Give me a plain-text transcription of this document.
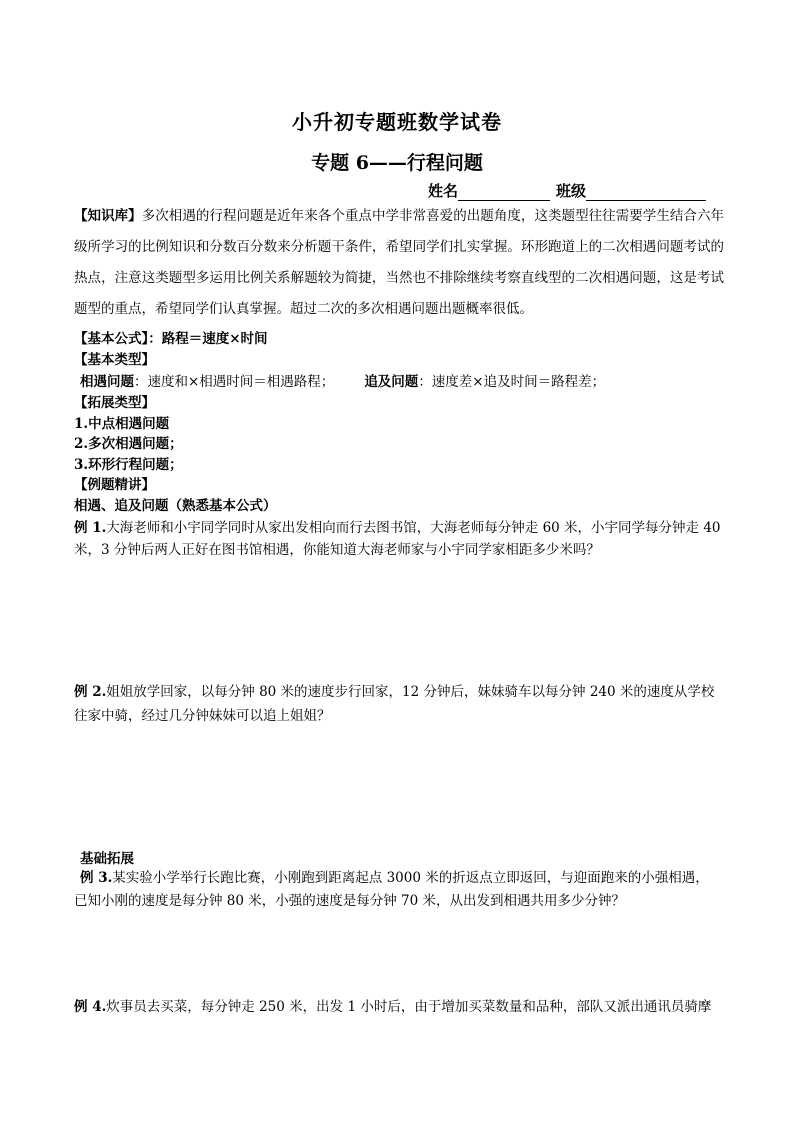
小升初专题班数学试卷
专题 6——行程问题
姓名	班级
【知识库】多次相遇的行程问题是近年来各个重点中学非常喜爱的出题角度，这类题型往往需要学生结合六年级所学习的比例知识和分数百分数来分析题干条件，希望同学们扎实掌握。环形跑道上的二次相遇问题考试的热点，注意这类题型多运用比例关系解题较为简捷，当然也不排除继续考察直线型的二次相遇问题，这是考试题型的重点，希望同学们认真掌握。超过二次的多次相遇问题出题概率很低。
【基本公式】：路程＝速度×时间
【基本类型】
相遇问题：速度和×相遇时间＝相遇路程； 追及问题：速度差×追及时间＝路程差；
【拓展类型】
1.中点相遇问题
2.多次相遇问题；
3.环形行程问题；
【例题精讲】
相遇、追及问题（熟悉基本公式）
例 1.大海老师和小宇同学同时从家出发相向而行去图书馆，大海老师每分钟走 60 米，小宇同学每分钟走 40
米，3 分钟后两人正好在图书馆相遇，你能知道大海老师家与小宇同学家相距多少米吗？
例 2.姐姐放学回家，以每分钟 80 米的速度步行回家，12 分钟后，妹妹骑车以每分钟 240 米的速度从学校
往家中骑，经过几分钟妹妹可以追上姐姐？
基础拓展
例 3.某实验小学举行长跑比赛，小刚跑到距离起点 3000 米的折返点立即返回，与迎面跑来的小强相遇，
已知小刚的速度是每分钟 80 米，小强的速度是每分钟 70 米，从出发到相遇共用多少分钟？
例 4.炊事员去买菜，每分钟走 250 米，出发 1 小时后，由于增加买菜数量和品种，部队又派出通讯员骑摩
